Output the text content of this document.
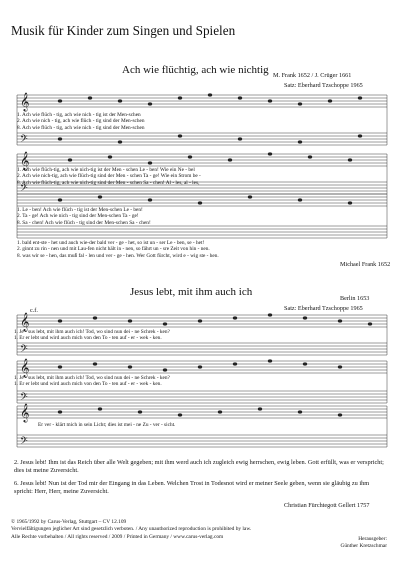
Musik für Kinder zum Singen und Spielen
Ach wie flüchtig, ach wie nichtig M. Frank 1652 / J. Crüger 1661
Satz: Eberhard Tzschoppe 1965
𝄞
𝄢
𝄞
𝄢
𝄞
𝄢
𝄞
𝄢
𝄞
𝄢
1. Ach wie flüch - tig, ach wie nich - tig ist der Men-schen
2. Ach wie nich - tig, ach wie flüch - tig sind der Men-schen
8. Ach wie flüch - tig, ach wie nich - tig sind der Men-schen
1. Ach wie flüch-tig, ach wie nich-tig ist der Men - schen Le - ben! Wie ein Ne - bel
2. Ach wie nich-tig, ach wie flüch-tig sind der Men - schen Ta - ge! Wie ein Strom be -
8. Ach wie flüch-tig, ach wie nich-tig sind der Men - schen Sa - chen! Al - les, al - les,
1. Le - ben! Ach wie flüch - tig ist der Men-schen Le - ben!
2. Ta - ge! Ach wie nich - tig sind der Men-schen Ta - ge!
8. Sa - chen! Ach wie flüch - tig sind der Men-schen Sa - chen!
1. bald ent-ste - het und auch wie-der bald ver - ge - het, so ist un - ser Le - ben, se - het!
2. ginnt zu rin - nen und mit Lau-fen nicht hält in - nen, so fährt un - sre Zeit von hin - nen.
8. was wir se - hen, das muß fal - len und ver - ge - hen. Wer Gott fürcht, wird e - wig ste - hen.
Michael Frank 1652
Jesus lebt, mit ihm auch ich
Berlin 1653
Satz: Eberhard Tzschoppe 1965
c.f.
1. Je - sus lebt, mit ihm auch ich! Tod, wo sind nun dei - ne Schrek - ken?
1. Er er lebt und wird auch mich von den To - ten auf - er - wek - ken.
1. Je - sus lebt, mit ihm auch ich! Tod, wo sind nun dei - ne Schrek - ken?
1. Er er lebt und wird auch mich von den To - ten auf - er - wek - ken.
Er ver - klärt mich in sein Licht; dies ist mei - ne Zu - ver - sicht.
2. Jesus lebt! Ihm ist das Reich über alle Welt gegeben; mit ihm werd auch ich zugleich ewig herrschen, ewig leben. Gott erfüllt, was er verspricht; dies ist meine Zuversicht.
6. Jesus lebt! Nun ist der Tod mir der Eingang in das Leben. Welchen Trost in Todesnot wird er meiner Seele geben, wenn sie gläubig zu ihm spricht: Herr, Herr, meine Zuversicht.
Christian Fürchtegott Gellert 1757
© 1965/1992 by Carus-Verlag, Stuttgart – CV 12.109
Vervielfältigungen jeglicher Art sind gesetzlich verboten. / Any unauthorized reproduction is prohibited by law.
Alle Rechte vorbehalten / All rights reserved / 2009 / Printed in Germany / www.carus-verlag.com	Herausgeber:
Günther Kretzschmar
